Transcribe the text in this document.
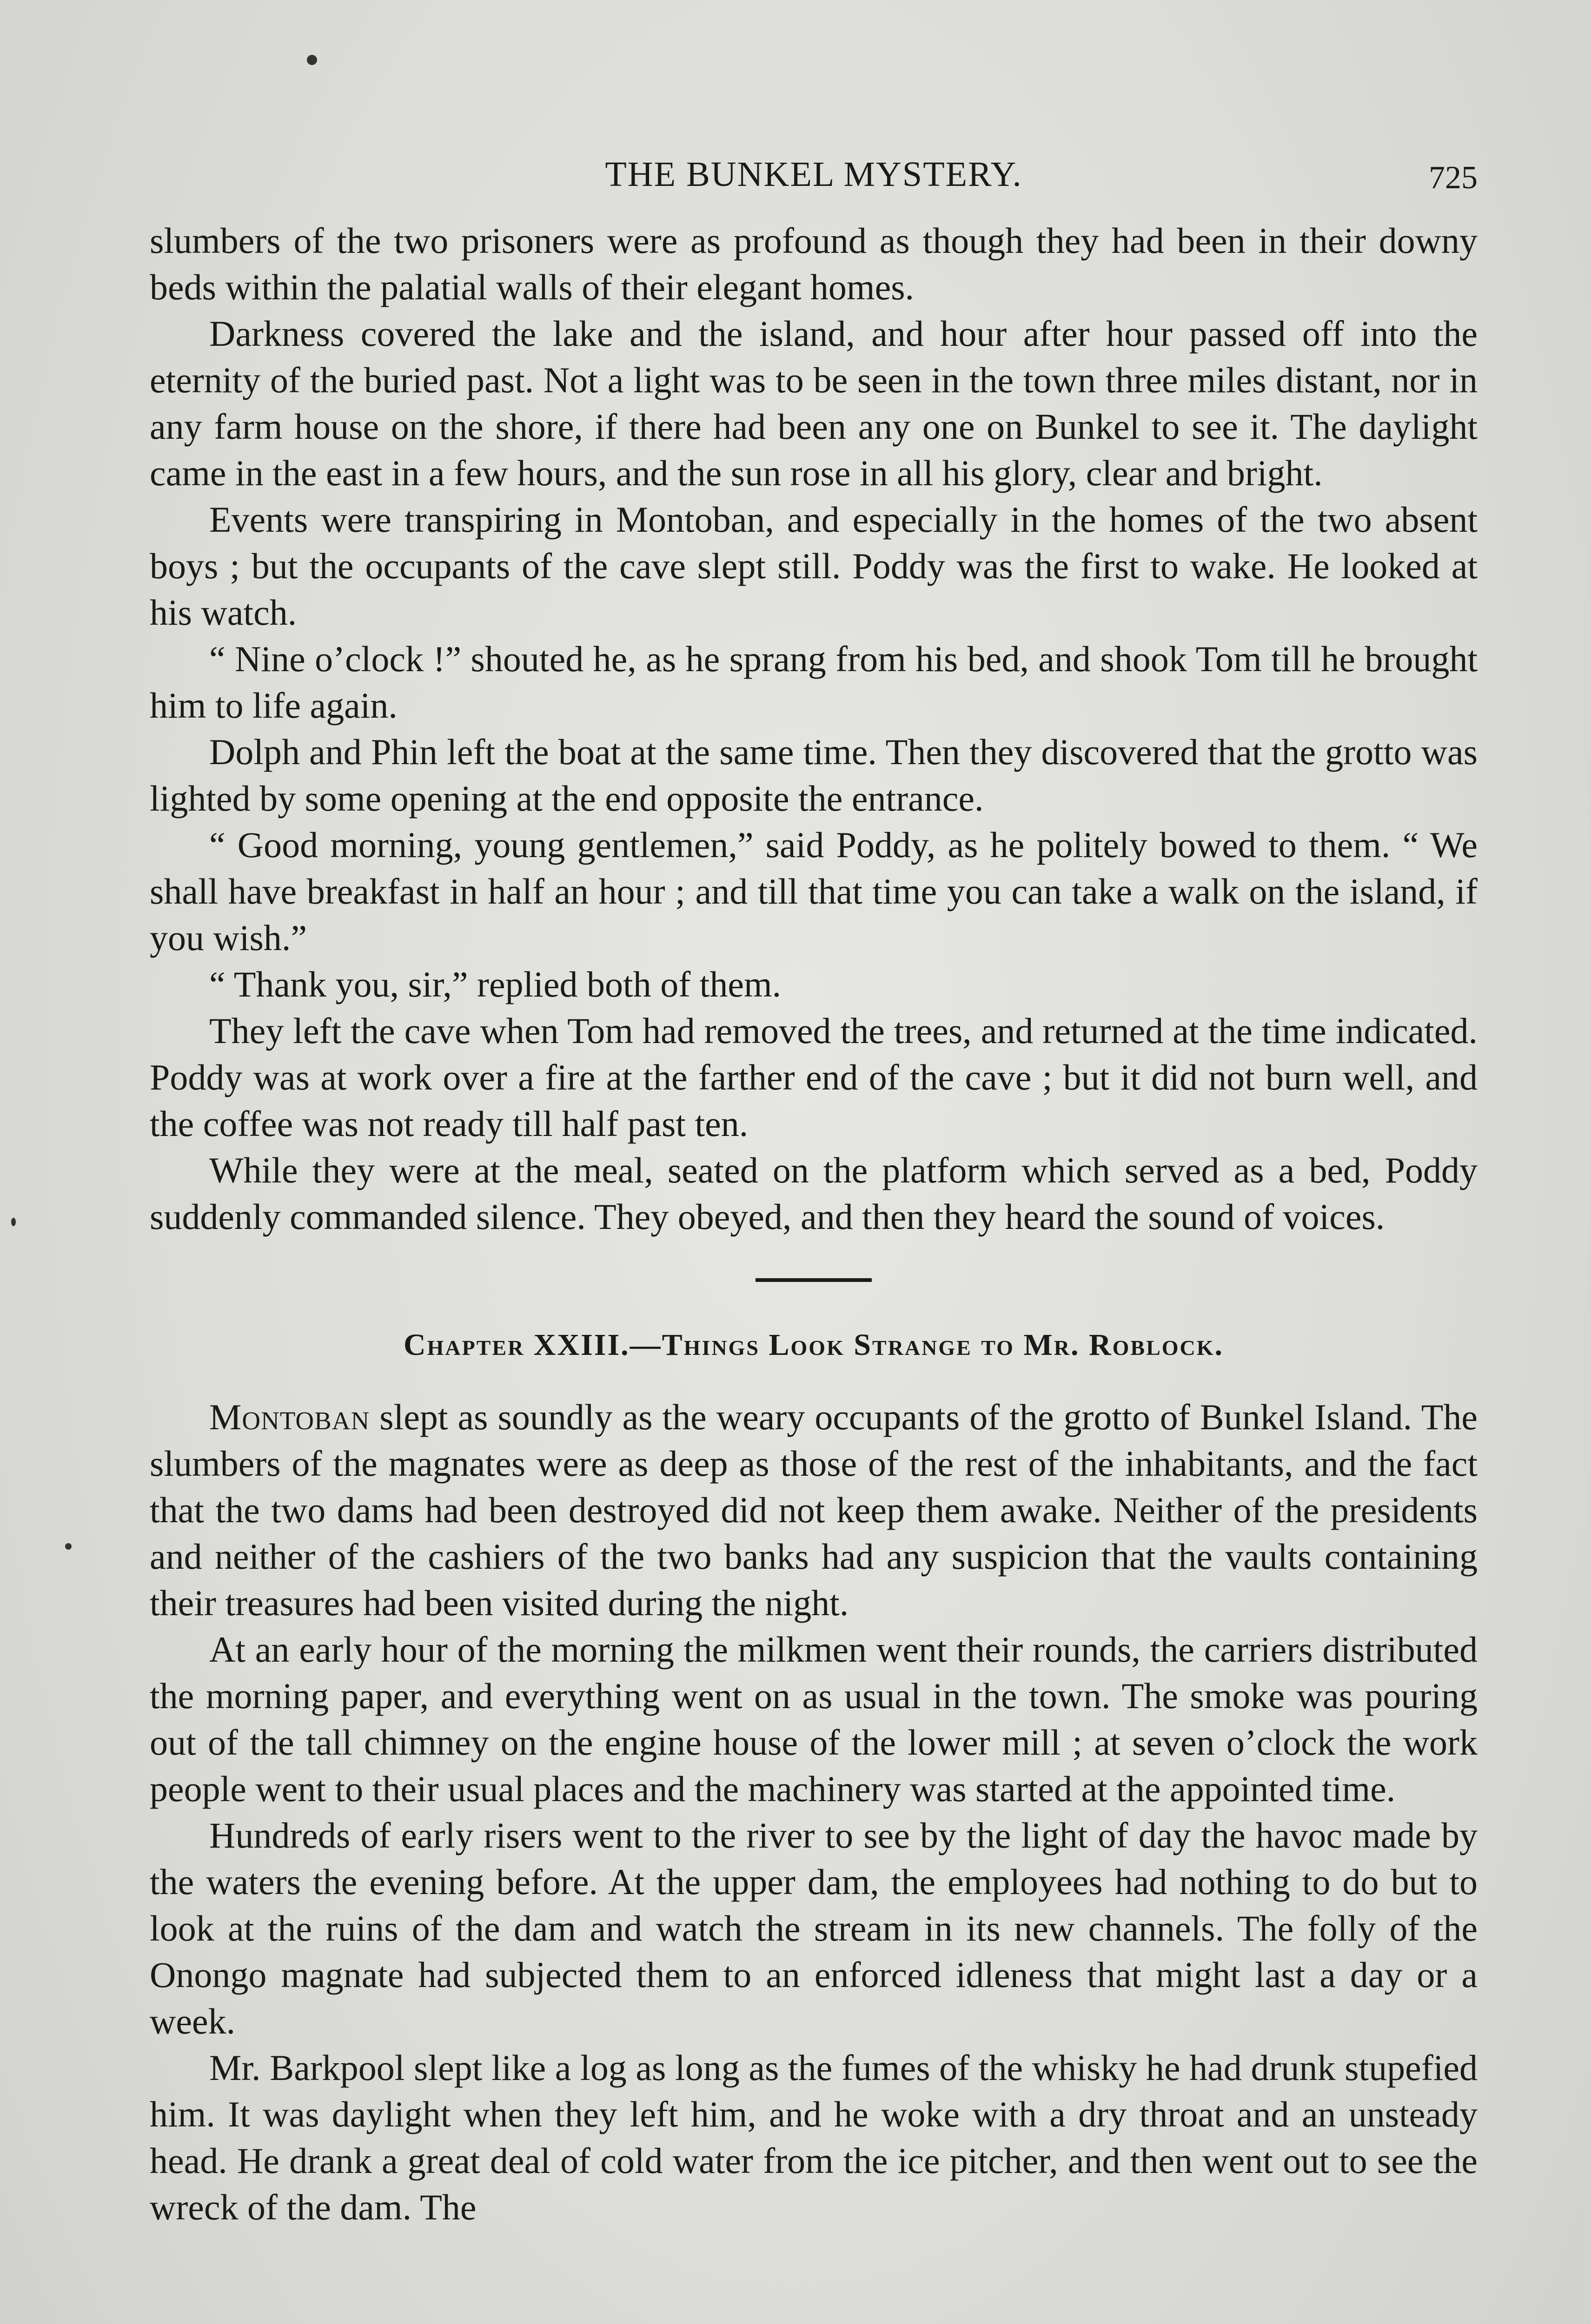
THE BUNKEL MYSTERY.	725

slumbers of the two prisoners were as profound as though they had been in their downy beds within the palatial walls of their elegant homes.

Darkness covered the lake and the island, and hour after hour passed off into the eternity of the buried past. Not a light was to be seen in the town three miles distant, nor in any farm house on the shore, if there had been any one on Bunkel to see it. The daylight came in the east in a few hours, and the sun rose in all his glory, clear and bright.

Events were transpiring in Montoban, and especially in the homes of the two absent boys ; but the occupants of the cave slept still. Poddy was the first to wake. He looked at his watch.

“ Nine o’clock !” shouted he, as he sprang from his bed, and shook Tom till he brought him to life again.

Dolph and Phin left the boat at the same time. Then they discovered that the grotto was lighted by some opening at the end opposite the entrance.

“ Good morning, young gentlemen,” said Poddy, as he politely bowed to them. “ We shall have breakfast in half an hour ; and till that time you can take a walk on the island, if you wish.”

“ Thank you, sir,” replied both of them.

They left the cave when Tom had removed the trees, and returned at the time indicated. Poddy was at work over a fire at the farther end of the cave ; but it did not burn well, and the coffee was not ready till half past ten.

While they were at the meal, seated on the platform which served as a bed, Poddy suddenly commanded silence. They obeyed, and then they heard the sound of voices.

Chapter XXIII.—Things Look Strange to Mr. Roblock.

Montoban slept as soundly as the weary occupants of the grotto of Bunkel Island. The slumbers of the magnates were as deep as those of the rest of the inhabitants, and the fact that the two dams had been destroyed did not keep them awake. Neither of the presidents and neither of the cashiers of the two banks had any suspicion that the vaults containing their treasures had been visited during the night.

At an early hour of the morning the milkmen went their rounds, the carriers distributed the morning paper, and everything went on as usual in the town. The smoke was pouring out of the tall chimney on the engine house of the lower mill ; at seven o’clock the work people went to their usual places and the machinery was started at the appointed time.

Hundreds of early risers went to the river to see by the light of day the havoc made by the waters the evening before. At the upper dam, the employees had nothing to do but to look at the ruins of the dam and watch the stream in its new channels. The folly of the Onongo magnate had subjected them to an enforced idleness that might last a day or a week.

Mr. Barkpool slept like a log as long as the fumes of the whisky he had drunk stupefied him. It was daylight when they left him, and he woke with a dry throat and an unsteady head. He drank a great deal of cold water from the ice pitcher, and then went out to see the wreck of the dam. The
